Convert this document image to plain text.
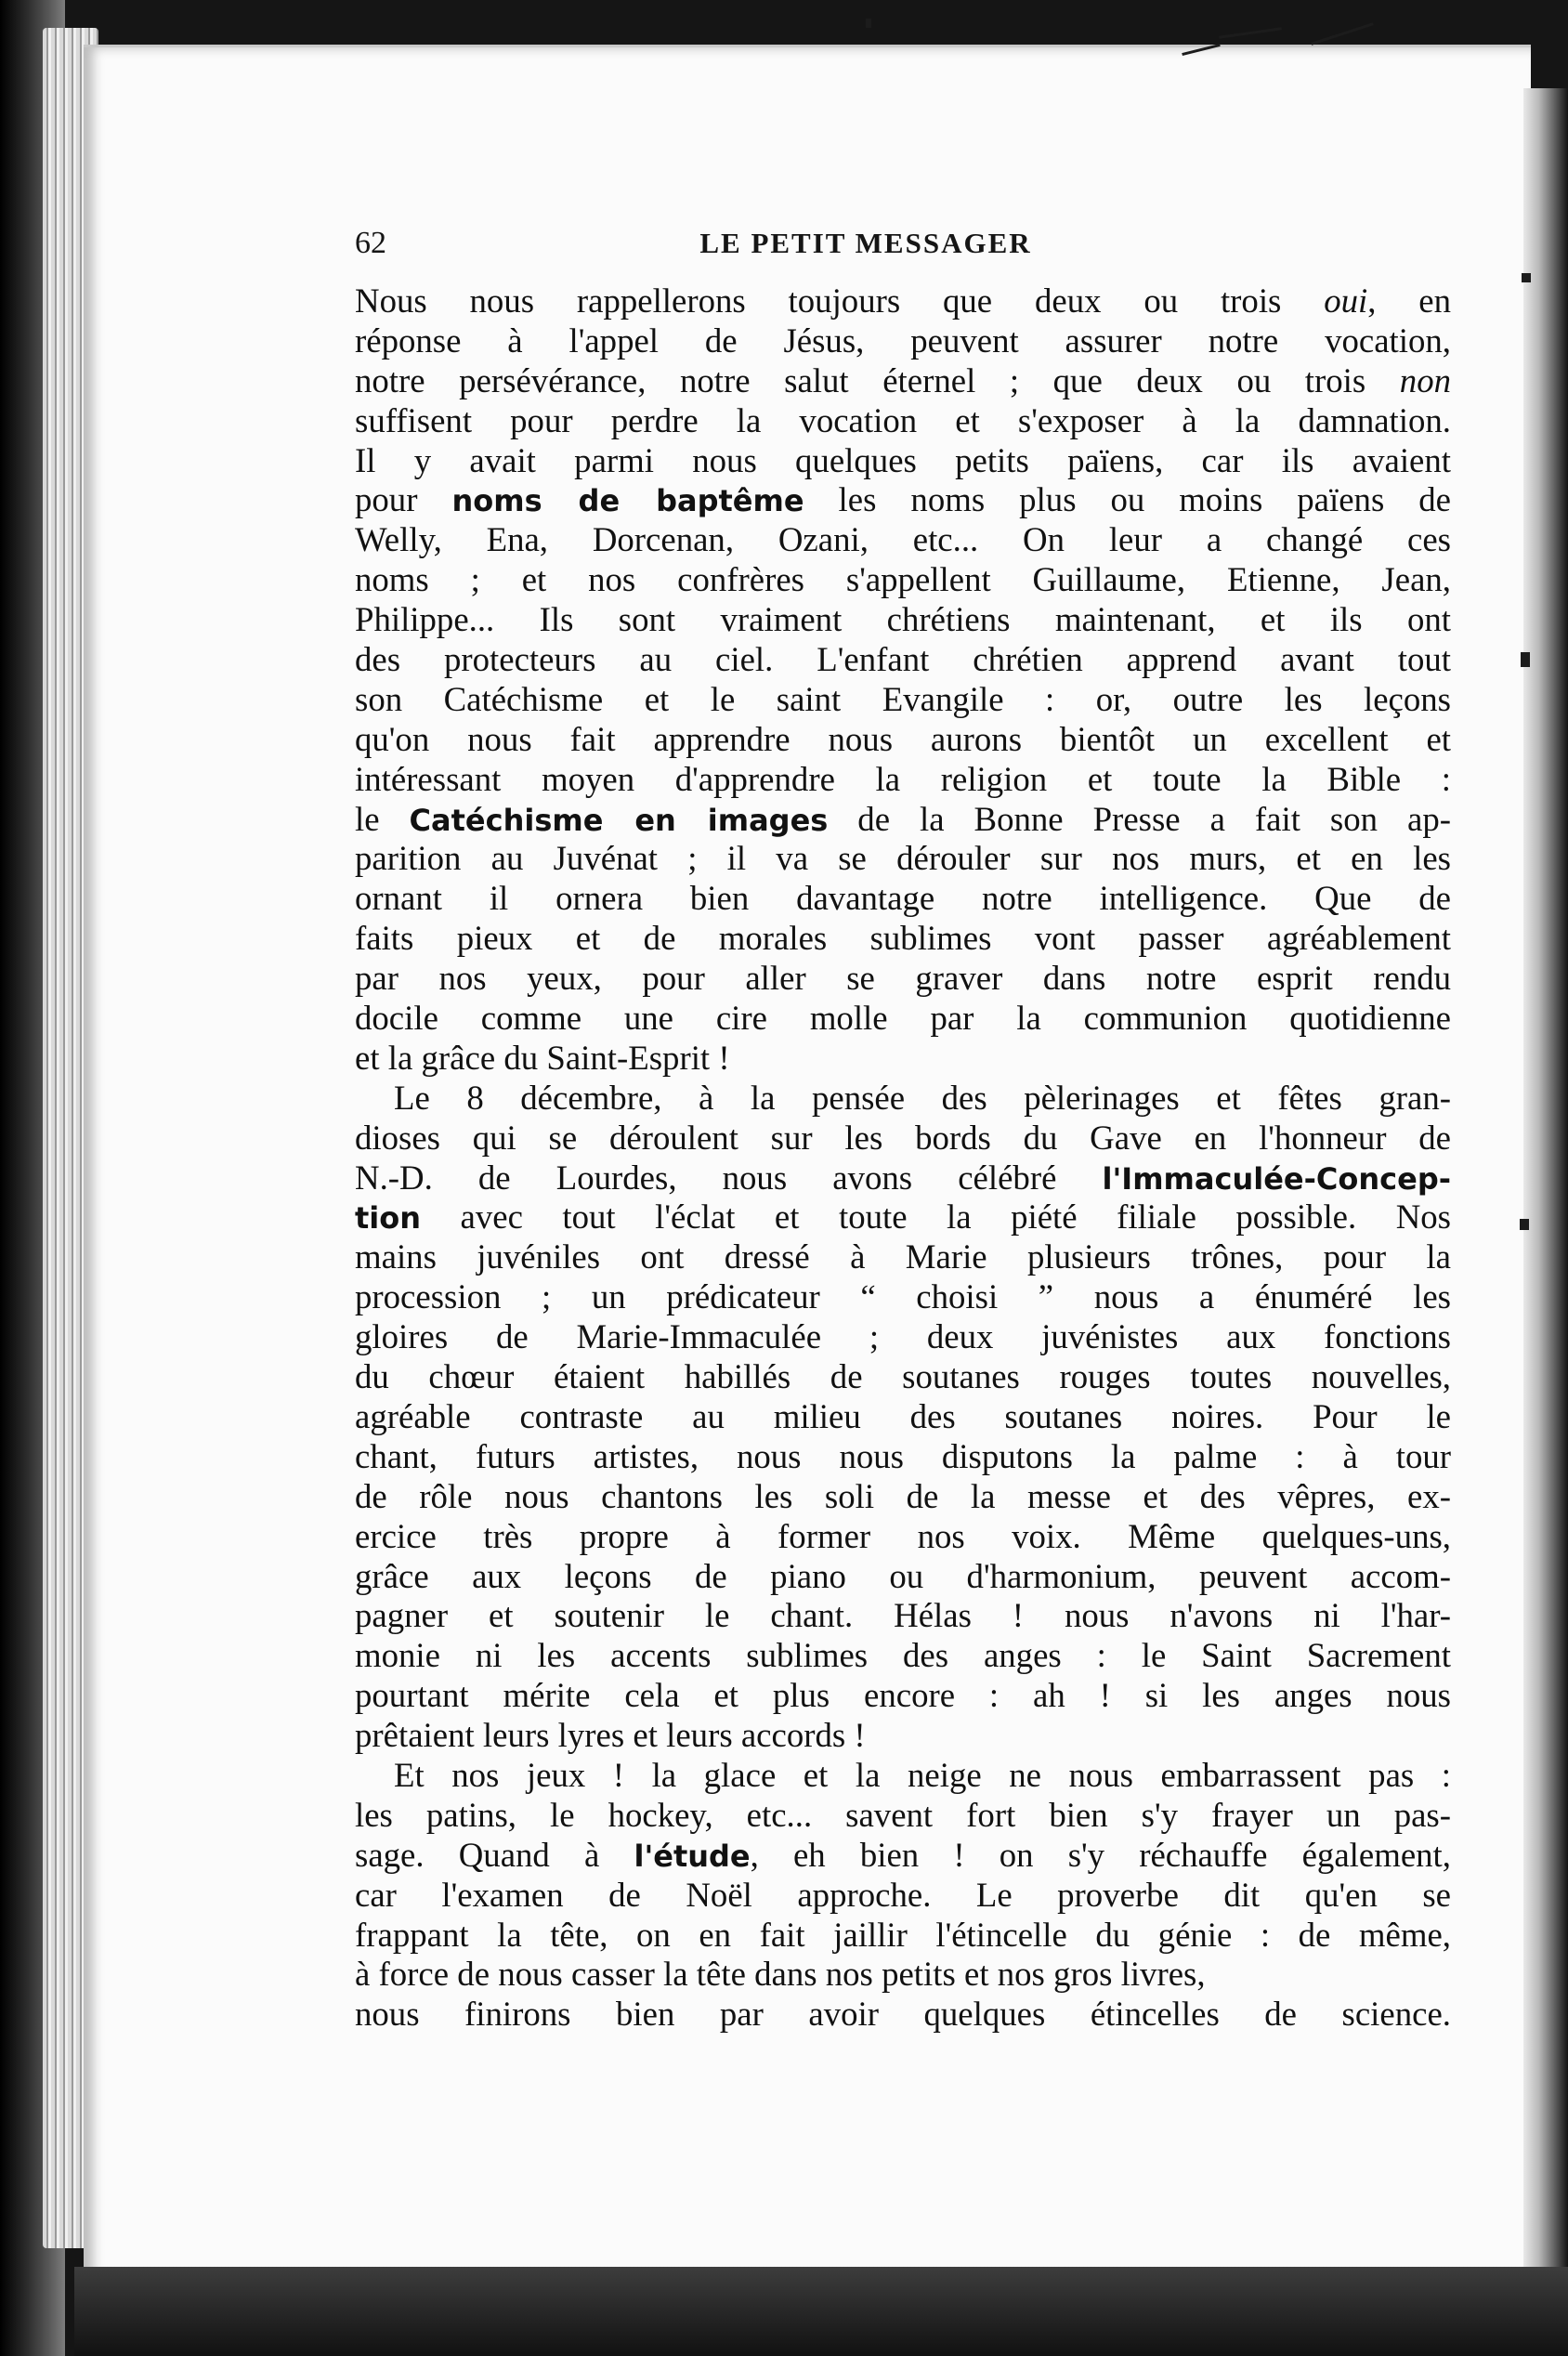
62	LE PETIT MESSAGER
Nous nous rappellerons toujours que deux ou trois oui, en
réponse à l'appel de Jésus, peuvent assurer notre vocation,
notre persévérance, notre salut éternel ; que deux ou trois non
suffisent pour perdre la vocation et s'exposer à la damnation.
Il y avait parmi nous quelques petits païens, car ils avaient
pour noms de baptême les noms plus ou moins païens de
Welly, Ena, Dorcenan, Ozani, etc... On leur a changé ces
noms ; et nos confrères s'appellent Guillaume, Etienne, Jean,
Philippe... Ils sont vraiment chrétiens maintenant, et ils ont
des protecteurs au ciel. L'enfant chrétien apprend avant tout
son Catéchisme et le saint Evangile : or, outre les leçons
qu'on nous fait apprendre nous aurons bientôt un excellent et
intéressant moyen d'apprendre la religion et toute la Bible :
le Catéchisme en images de la Bonne Presse a fait son ap-
parition au Juvénat ; il va se dérouler sur nos murs, et en les
ornant il ornera bien davantage notre intelligence. Que de
faits pieux et de morales sublimes vont passer agréablement
par nos yeux, pour aller se graver dans notre esprit rendu
docile comme une cire molle par la communion quotidienne
et la grâce du Saint-Esprit !
Le 8 décembre, à la pensée des pèlerinages et fêtes gran-
dioses qui se déroulent sur les bords du Gave en l'honneur de
N.-D. de Lourdes, nous avons célébré l'Immaculée-Concep-
tion avec tout l'éclat et toute la piété filiale possible. Nos
mains juvéniles ont dressé à Marie plusieurs trônes, pour la
procession ; un prédicateur “ choisi ” nous a énuméré les
gloires de Marie-Immaculée ; deux juvénistes aux fonctions
du chœur étaient habillés de soutanes rouges toutes nouvelles,
agréable contraste au milieu des soutanes noires. Pour le
chant, futurs artistes, nous nous disputons la palme : à tour
de rôle nous chantons les soli de la messe et des vêpres, ex-
ercice très propre à former nos voix. Même quelques-uns,
grâce aux leçons de piano ou d'harmonium, peuvent accom-
pagner et soutenir le chant. Hélas ! nous n'avons ni l'har-
monie ni les accents sublimes des anges : le Saint Sacrement
pourtant mérite cela et plus encore : ah ! si les anges nous
prêtaient leurs lyres et leurs accords !
Et nos jeux ! la glace et la neige ne nous embarrassent pas :
les patins, le hockey, etc... savent fort bien s'y frayer un pas-
sage. Quand à l'étude, eh bien ! on s'y réchauffe également,
car l'examen de Noël approche. Le proverbe dit qu'en se
frappant la tête, on en fait jaillir l'étincelle du génie : de même,
à force de nous casser la tête dans nos petits et nos gros livres,
nous finirons bien par avoir quelques étincelles de science.
